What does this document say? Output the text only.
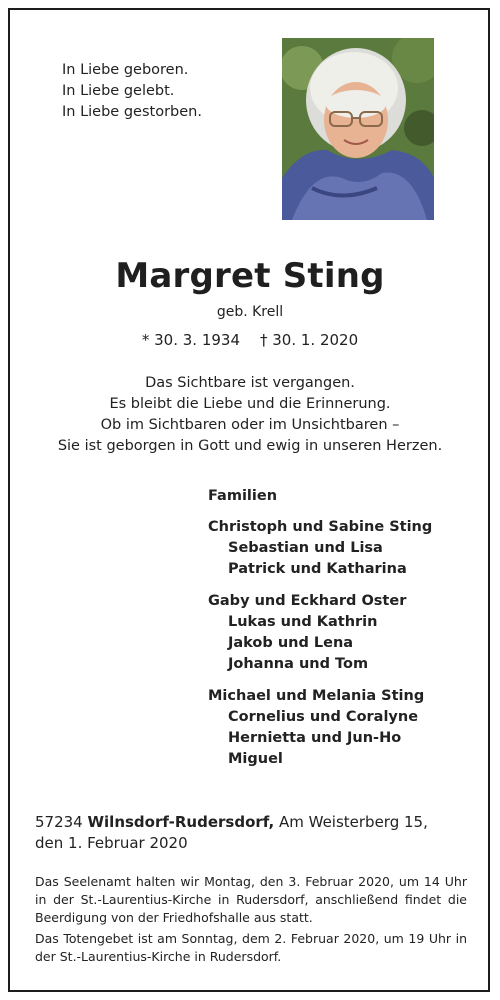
In Liebe geboren.
In Liebe gelebt.
In Liebe gestorben.
Margret Sting
geb. Krell
* 30. 3. 1934 † 30. 1. 2020
Das Sichtbare ist vergangen.
Es bleibt die Liebe und die Erinnerung.
Ob im Sichtbaren oder im Unsichtbaren –
Sie ist geborgen in Gott und ewig in unseren Herzen.
Familien
Christoph und Sabine Sting
Sebastian und Lisa
Patrick und Katharina
Gaby und Eckhard Oster
Lukas und Kathrin
Jakob und Lena
Johanna und Tom
Michael und Melania Sting
Cornelius und Coralyne
Hernietta und Jun-Ho
Miguel
57234 Wilnsdorf-Rudersdorf, Am Weisterberg 15,
den 1. Februar 2020

Das Seelenamt halten wir Montag, den 3. Februar 2020, um 14 Uhr in der St.-Laurentius-Kirche in Rudersdorf, anschließend findet die Beerdigung von der Friedhofshalle aus statt.

Das Totengebet ist am Sonntag, dem 2. Februar 2020, um 19 Uhr in der St.-Laurentius-Kirche in Rudersdorf.
